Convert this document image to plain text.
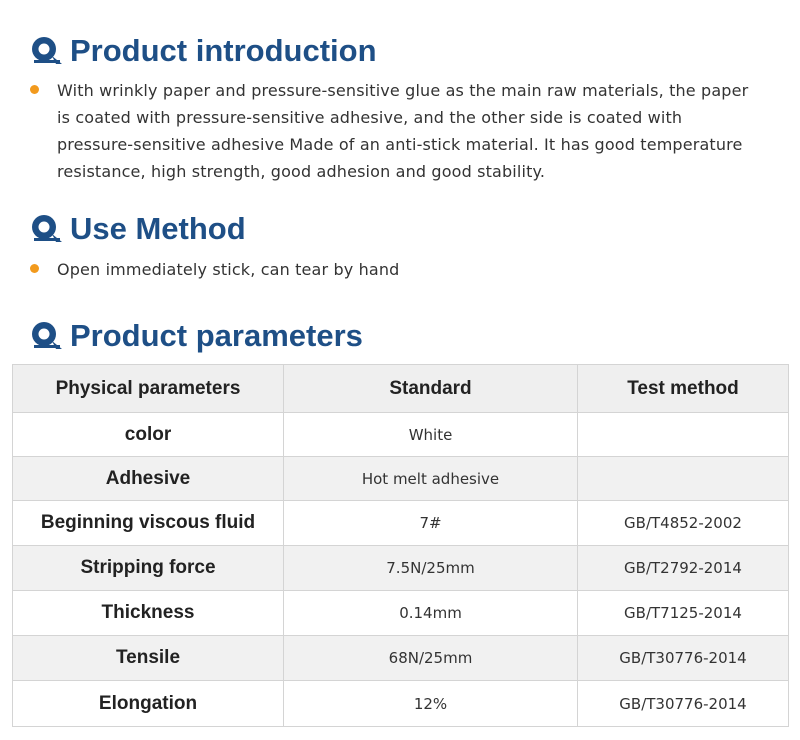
Product introduction
With wrinkly paper and pressure-sensitive glue as the main raw materials, the paper is coated with pressure-sensitive adhesive, and the other side is coated with pressure-sensitive adhesive Made of an anti-stick material. It has good temperature resistance, high strength, good adhesion and good stability.
Use Method
Open immediately stick, can tear by hand
Product parameters
Physical parameters	Standard	Test method
color	White	
Adhesive	Hot melt adhesive	
Beginning viscous fluid	7#	GB/T4852-2002
Stripping force	7.5N/25mm	GB/T2792-2014
Thickness	0.14mm	GB/T7125-2014
Tensile	68N/25mm	GB/T30776-2014
Elongation	12%	GB/T30776-2014
